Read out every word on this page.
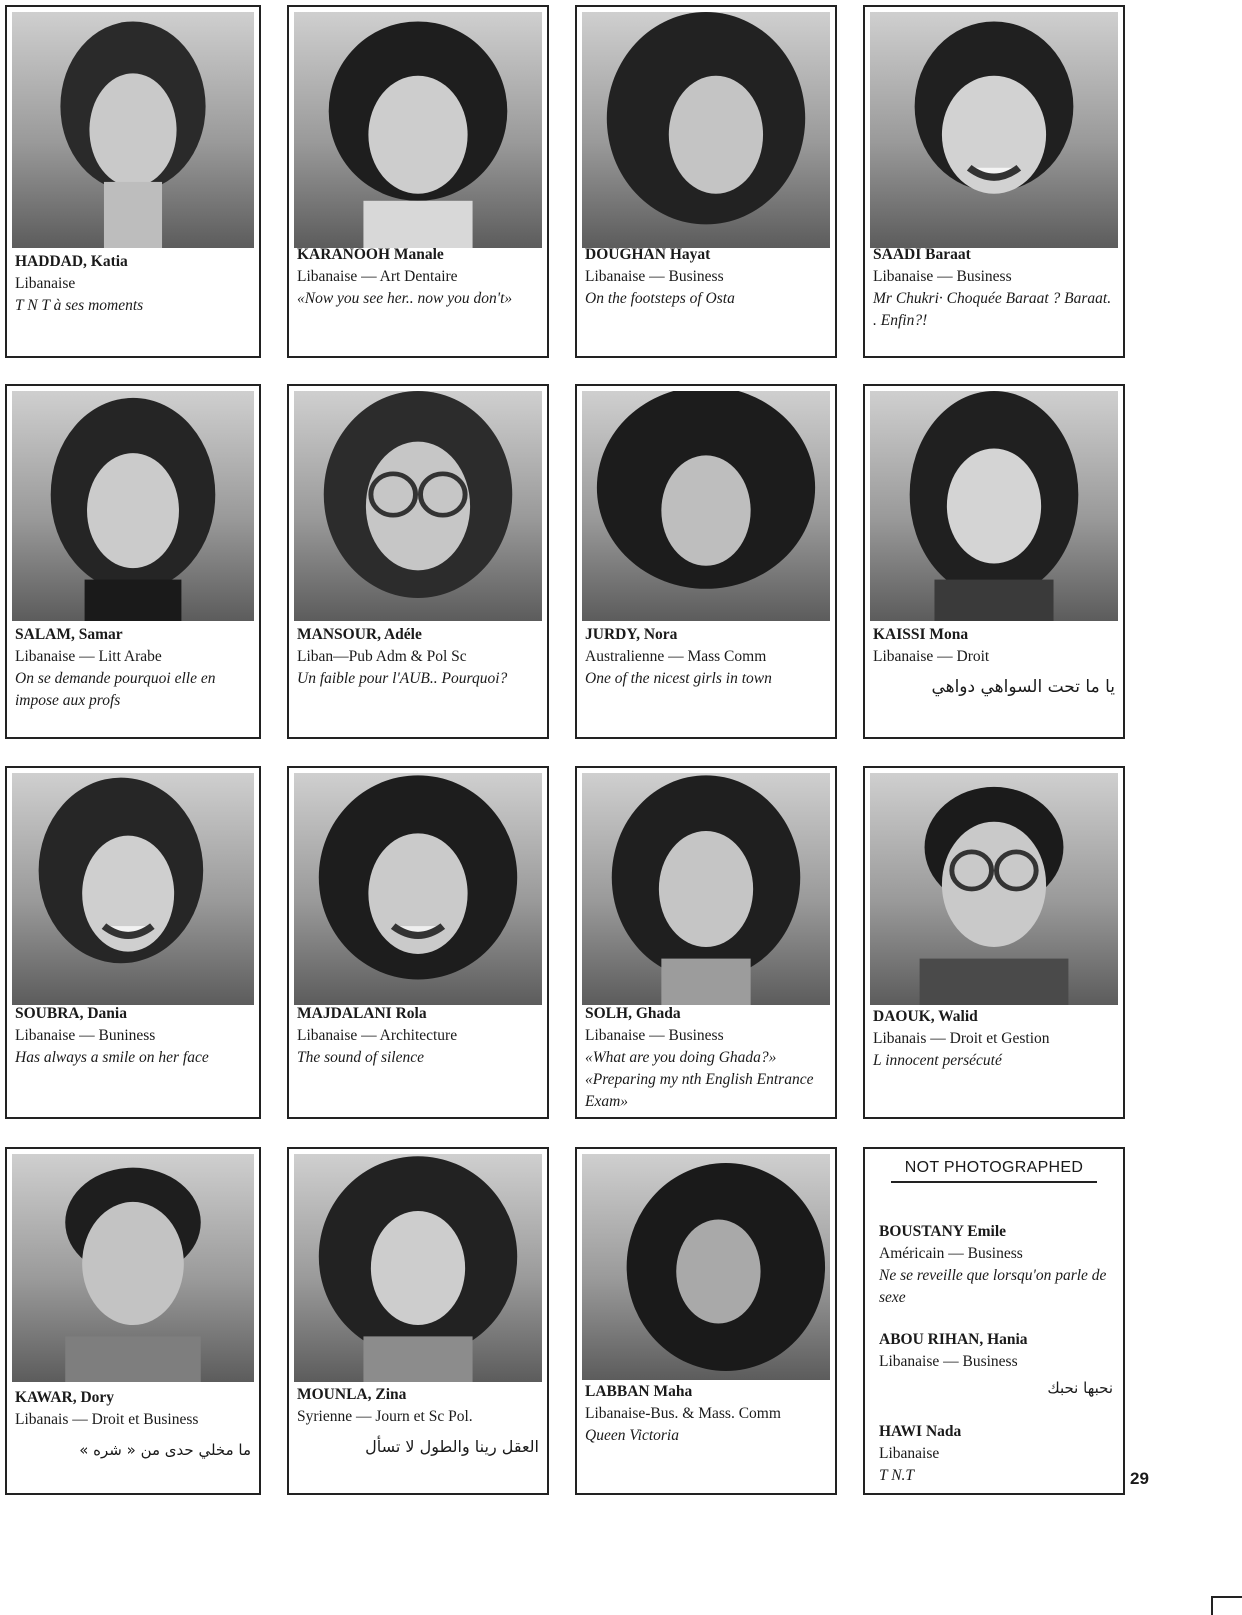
HADDAD, Katia
Libanaise
T N T à ses moments
KARANOOH Manale
Libanaise — Art Dentaire
«Now you see her.. now you don't»
DOUGHAN Hayat
Libanaise — Business
On the footsteps of Osta
SAADI Baraat
Libanaise — Business
Mr Chukri· Choquée Baraat ? Baraat. . Enfin?!
SALAM, Samar
Libanaise — Litt Arabe
On se demande pourquoi elle en impose aux profs
MANSOUR, Adéle
Liban—Pub Adm & Pol Sc
Un faible pour l'AUB.. Pourquoi?
JURDY, Nora
Australienne — Mass Comm
One of the nicest girls in town
KAISSI Mona
Libanaise — Droit
يا ما تحت السواهي دواهي
SOUBRA, Dania
Libanaise — Buniness
Has always a smile on her face
MAJDALANI Rola
Libanaise — Architecture
The sound of silence
SOLH, Ghada
Libanaise — Business
«What are you doing Ghada?» «Preparing my nth English Entrance Exam»
DAOUK, Walid
Libanais — Droit et Gestion
L innocent persécuté
KAWAR, Dory
Libanais — Droit et Business
ما مخلي حدى من « شره »
MOUNLA, Zina
Syrienne — Journ et Sc Pol.
العقل رينا والطول لا تسأل
LABBAN Maha
Libanaise-Bus. & Mass. Comm
Queen Victoria
NOT PHOTOGRAPHED
BOUSTANY Emile
Américain — Business
Ne se reveille que lorsqu'on parle de sexe
ABOU RIHAN, Hania
Libanaise — Business
نحبها نحبك
HAWI Nada
Libanaise
T N.T	29
